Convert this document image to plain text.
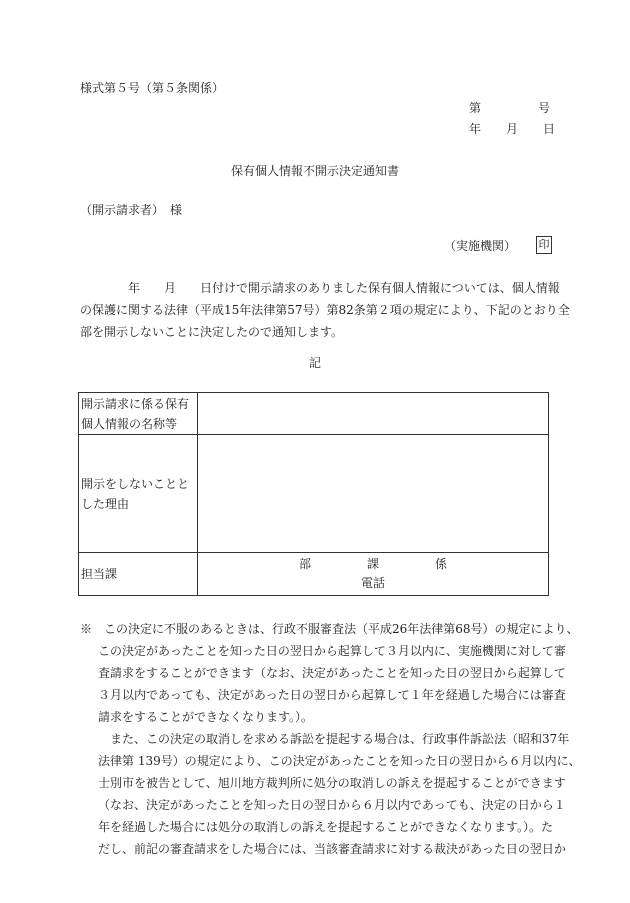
様式第５号（第５条関係）
第	号
年 月 日
保有個人情報不開示決定通知書
（開示請求者）　様
（実施機関） 印
　　　　年　　月　　日付けで開示請求のありました保有個人情報については、個人情報
の保護に関する法律（平成15年法律第57号）第82条第２項の規定により、下記のとおり全
部を開示しないことに決定したので通知します。
記
開示請求に係る保有
個人情報の名称等	

開示をしないことと
した理由	

担当課	部 課 係
電話
※　この決定に不服のあるときは、行政不服審査法（平成26年法律第68号）の規定により、
この決定があったことを知った日の翌日から起算して３月以内に、実施機関に対して審
査請求をすることができます（なお、決定があったことを知った日の翌日から起算して
３月以内であっても、決定があった日の翌日から起算して１年を経過した場合には審査
請求をすることができなくなります。）。
　また、この決定の取消しを求める訴訟を提起する場合は、行政事件訴訟法（昭和37年
法律第 139号）の規定により、この決定があったことを知った日の翌日から６月以内に、
士別市を被告として、旭川地方裁判所に処分の取消しの訴えを提起することができます
（なお、決定があったことを知った日の翌日から６月以内であっても、決定の日から１
年を経過した場合には処分の取消しの訴えを提起することができなくなります。）。た
だし、前記の審査請求をした場合には、当該審査請求に対する裁決があった日の翌日か
